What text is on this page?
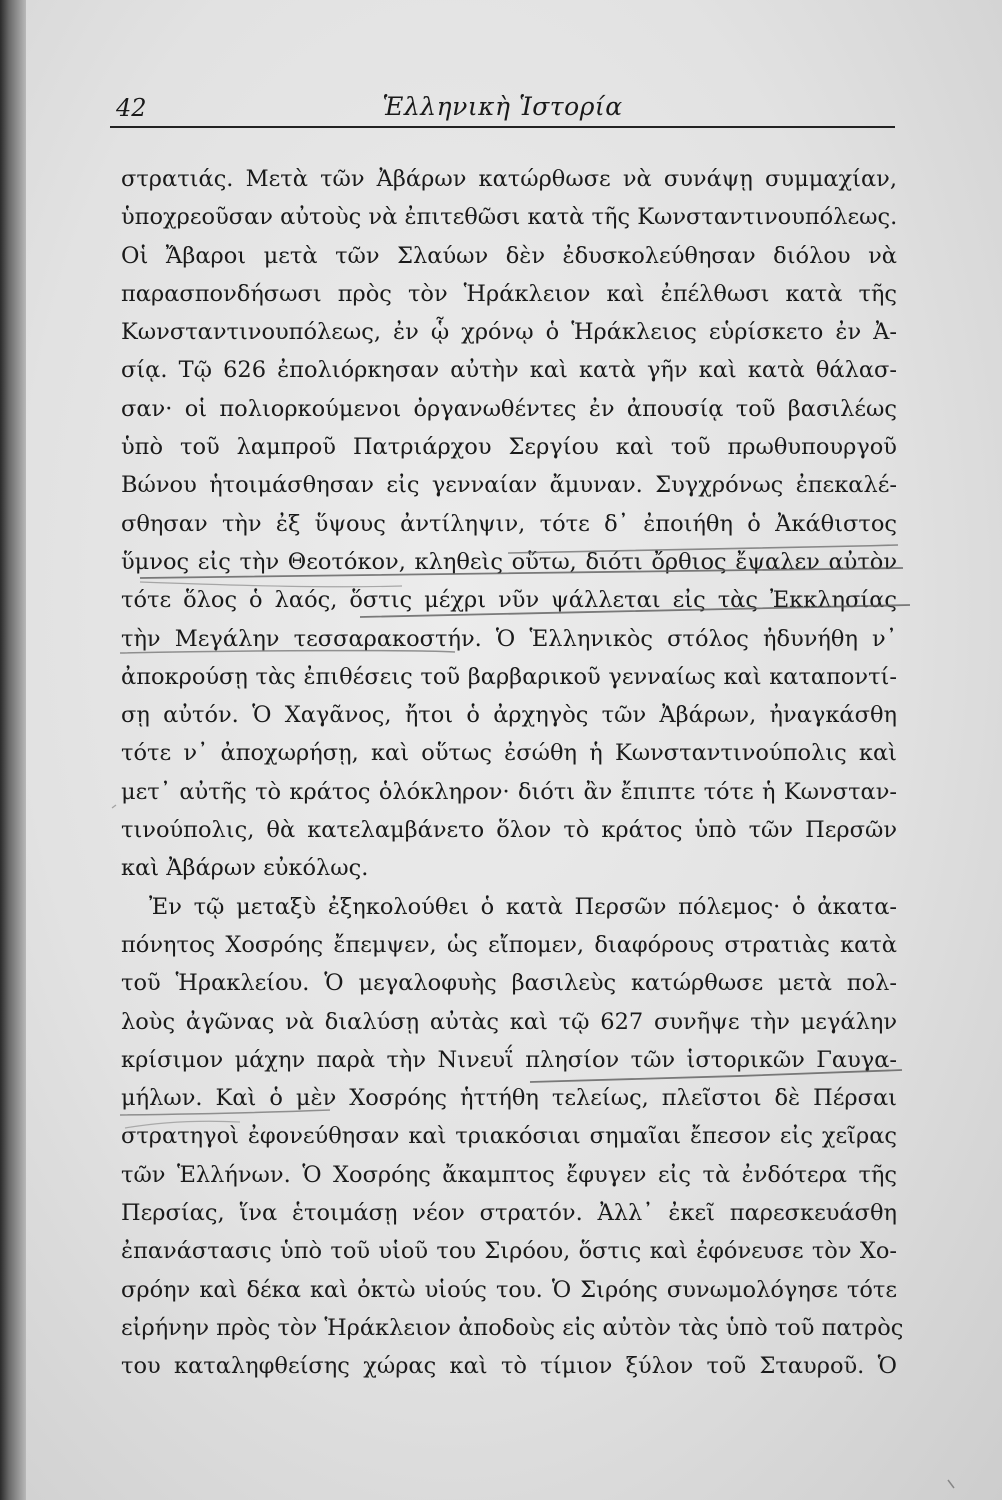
42	Ἑλληνικὴ Ἱστορία
στρατιάς. Μετὰ τῶν Ἀβάρων κατώρθωσε νὰ συνάψῃ συμμαχίαν,
ὑποχρεοῦσαν αὐτοὺς νὰ ἐπιτεθῶσι κατὰ τῆς Κωνσταντινουπόλεως.
Οἱ Ἄβαροι μετὰ τῶν Σλαύων δὲν ἐδυσκολεύθησαν διόλου νὰ
παρασπονδήσωσι πρὸς τὸν Ἡράκλειον καὶ ἐπέλθωσι κατὰ τῆς
Κωνσταντινουπόλεως, ἐν ᾧ χρόνῳ ὁ Ἡράκλειος εὑρίσκετο ἐν Ἀ-
σίᾳ. Τῷ 626 ἐπολιόρκησαν αὐτὴν καὶ κατὰ γῆν καὶ κατὰ θάλασ-
σαν· οἱ πολιορκούμενοι ὀργανωθέντες ἐν ἀπουσίᾳ τοῦ βασιλέως
ὑπὸ τοῦ λαμπροῦ Πατριάρχου Σεργίου καὶ τοῦ πρωθυπουργοῦ
Βώνου ἡτοιμάσθησαν εἰς γενναίαν ἄμυναν. Συγχρόνως ἐπεκαλέ-
σθησαν τὴν ἐξ ὕψους ἀντίληψιν, τότε δ᾽ ἐποιήθη ὁ Ἀκάθιστος
ὕμνος εἰς τὴν Θεοτόκον, κληθεὶς οὕτω, διότι ὄρθιος ἔψαλεν αὐτὸν
τότε ὅλος ὁ λαός, ὅστις μέχρι νῦν ψάλλεται εἰς τὰς Ἐκκλησίας
τὴν Μεγάλην τεσσαρακοστήν. Ὁ Ἑλληνικὸς στόλος ἠδυνήθη ν᾽
ἀποκρούσῃ τὰς ἐπιθέσεις τοῦ βαρβαρικοῦ γενναίως καὶ καταποντί-
σῃ αὐτόν. Ὁ Χαγᾶνος, ἤτοι ὁ ἀρχηγὸς τῶν Ἀβάρων, ἠναγκάσθη
τότε ν᾽ ἀποχωρήσῃ, καὶ οὕτως ἐσώθη ἡ Κωνσταντινούπολις καὶ
μετ᾽ αὐτῆς τὸ κράτος ὁλόκληρον· διότι ἂν ἔπιπτε τότε ἡ Κωνσταν-
τινούπολις, θὰ κατελαμβάνετο ὅλον τὸ κράτος ὑπὸ τῶν Περσῶν
καὶ Ἀβάρων εὐκόλως.
Ἐν τῷ μεταξὺ ἐξηκολούθει ὁ κατὰ Περσῶν πόλεμος· ὁ ἀκατα-
πόνητος Χοσρόης ἔπεμψεν, ὡς εἴπομεν, διαφόρους στρατιὰς κατὰ
τοῦ Ἡρακλείου. Ὁ μεγαλοφυὴς βασιλεὺς κατώρθωσε μετὰ πολ-
λοὺς ἀγῶνας νὰ διαλύσῃ αὐτὰς καὶ τῷ 627 συνῆψε τὴν μεγάλην
κρίσιμον μάχην παρὰ τὴν Νινευΐ πλησίον τῶν ἱστορικῶν Γαυγα-
μήλων. Καὶ ὁ μὲν Χοσρόης ἡττήθη τελείως, πλεῖστοι δὲ Πέρσαι
στρατηγοὶ ἐφονεύθησαν καὶ τριακόσιαι σημαῖαι ἔπεσον εἰς χεῖρας
τῶν Ἑλλήνων. Ὁ Χοσρόης ἄκαμπτος ἔφυγεν εἰς τὰ ἐνδότερα τῆς
Περσίας, ἵνα ἑτοιμάσῃ νέον στρατόν. Ἀλλ᾽ ἐκεῖ παρεσκευάσθη
ἐπανάστασις ὑπὸ τοῦ υἱοῦ του Σιρόου, ὅστις καὶ ἐφόνευσε τὸν Χο-
σρόην καὶ δέκα καὶ ὀκτὼ υἱούς του. Ὁ Σιρόης συνωμολόγησε τότε
εἰρήνην πρὸς τὸν Ἡράκλειον ἀποδοὺς εἰς αὐτὸν τὰς ὑπὸ τοῦ πατρὸς
του καταληφθείσης χώρας καὶ τὸ τίμιον ξύλον τοῦ Σταυροῦ. Ὁ
